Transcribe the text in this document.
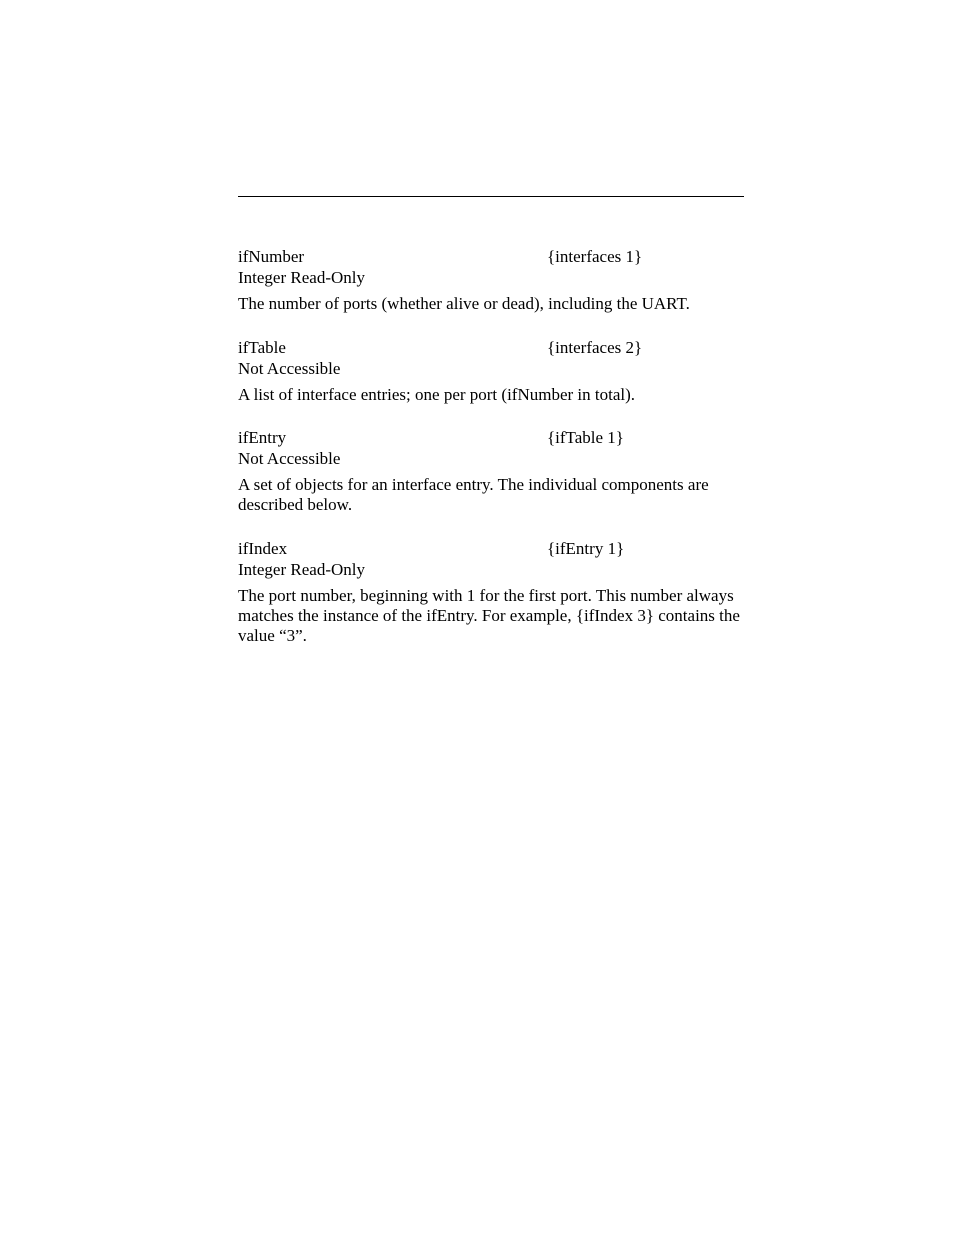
ifNumber	{interfaces 1}
Integer Read-Only
The number of ports (whether alive or dead), including the UART.
ifTable	{interfaces 2}
Not Accessible
A list of interface entries; one per port (ifNumber in total).
ifEntry	{ifTable 1}
Not Accessible
A set of objects for an interface entry. The individual components are described below.
ifIndex	{ifEntry 1}
Integer Read-Only
The port number, beginning with 1 for the first port. This number always matches the instance of the ifEntry. For example, {ifIndex 3} contains the value “3”.
